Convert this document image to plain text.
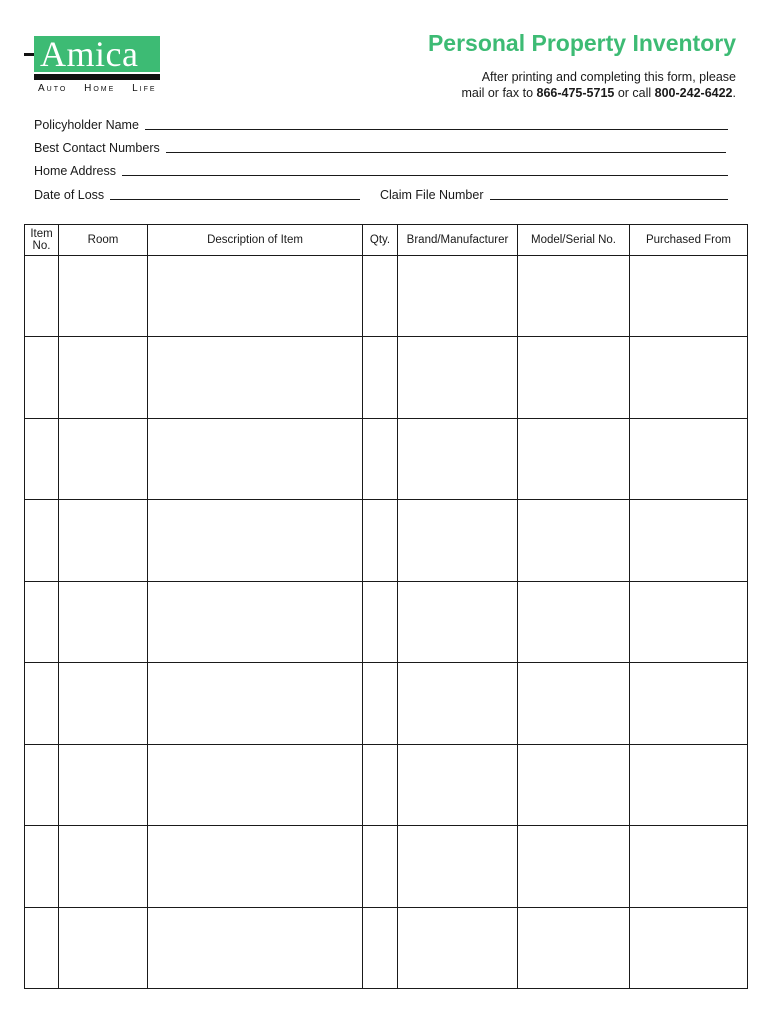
Amica
Auto Home Life
Personal Property Inventory
After printing and completing this form, please
mail or fax to 866-475-5715 or call 800-242-6422.
Policyholder Name
Best Contact Numbers
Home Address
Date of Loss	Claim File Number
Item
No.	Room	Description of Item	Qty.	Brand/Manufacturer	Model/Serial No.	Purchased From
